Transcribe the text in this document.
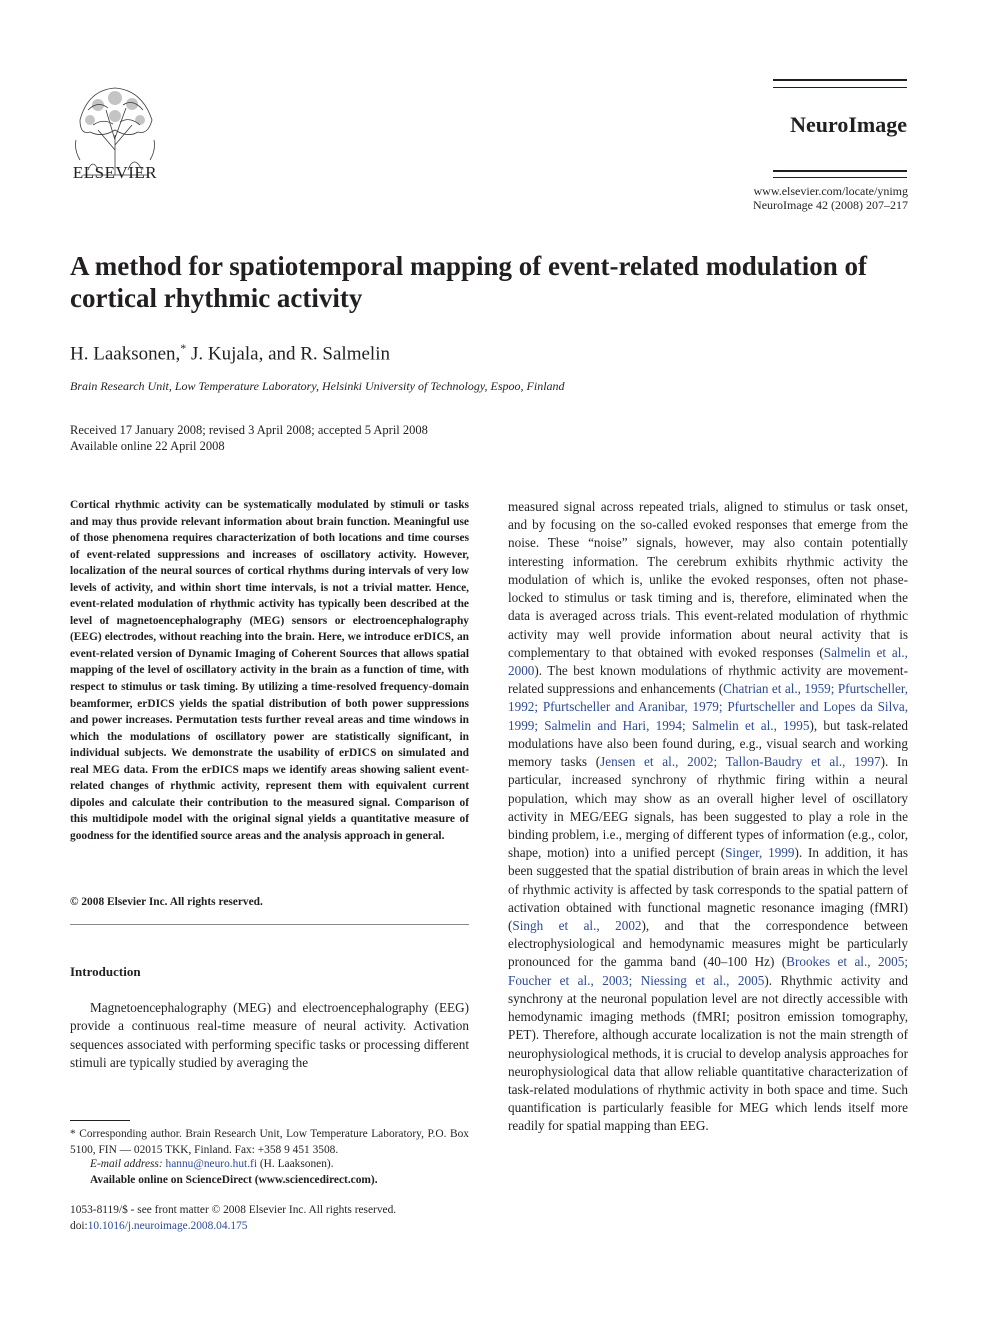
ELSEVIER
NeuroImage
www.elsevier.com/locate/ynimg
NeuroImage 42 (2008) 207–217
A method for spatiotemporal mapping of event-related modulation of cortical rhythmic activity
H. Laaksonen,* J. Kujala, and R. Salmelin
Brain Research Unit, Low Temperature Laboratory, Helsinki University of Technology, Espoo, Finland
Received 17 January 2008; revised 3 April 2008; accepted 5 April 2008
Available online 22 April 2008
Cortical rhythmic activity can be systematically modulated by stimuli or tasks and may thus provide relevant information about brain function. Meaningful use of those phenomena requires characterization of both locations and time courses of event-related suppressions and increases of oscillatory activity. However, localization of the neural sources of cortical rhythms during intervals of very low levels of activity, and within short time intervals, is not a trivial matter. Hence, event-related modulation of rhythmic activity has typically been described at the level of magnetoencephalography (MEG) sensors or electroencephalography (EEG) electrodes, without reaching into the brain. Here, we introduce erDICS, an event-related version of Dynamic Imaging of Coherent Sources that allows spatial mapping of the level of oscillatory activity in the brain as a function of time, with respect to stimulus or task timing. By utilizing a time-resolved frequency-domain beamformer, erDICS yields the spatial distribution of both power suppressions and power increases. Permutation tests further reveal areas and time windows in which the modulations of oscillatory power are statistically significant, in individual subjects. We demonstrate the usability of erDICS on simulated and real MEG data. From the erDICS maps we identify areas showing salient event-related changes of rhythmic activity, represent them with equivalent current dipoles and calculate their contribution to the measured signal. Comparison of this multidipole model with the original signal yields a quantitative measure of goodness for the identified source areas and the analysis approach in general.
© 2008 Elsevier Inc. All rights reserved.
Introduction
Magnetoencephalography (MEG) and electroencephalography (EEG) provide a continuous real-time measure of neural activity. Activation sequences associated with performing specific tasks or processing different stimuli are typically studied by averaging the
* Corresponding author. Brain Research Unit, Low Temperature Laboratory, P.O. Box 5100, FIN — 02015 TKK, Finland. Fax: +358 9 451 3508.
E-mail address: hannu@neuro.hut.fi (H. Laaksonen).
Available online on ScienceDirect (www.sciencedirect.com).
1053-8119/$ - see front matter © 2008 Elsevier Inc. All rights reserved.
doi:10.1016/j.neuroimage.2008.04.175
measured signal across repeated trials, aligned to stimulus or task onset, and by focusing on the so-called evoked responses that emerge from the noise. These “noise” signals, however, may also contain potentially interesting information. The cerebrum exhibits rhythmic activity the modulation of which is, unlike the evoked responses, often not phase-locked to stimulus or task timing and is, therefore, eliminated when the data is averaged across trials. This event-related modulation of rhythmic activity may well provide information about neural activity that is complementary to that obtained with evoked responses (Salmelin et al., 2000). The best known modulations of rhythmic activity are movement-related suppressions and enhancements (Chatrian et al., 1959; Pfurtscheller, 1992; Pfurtscheller and Aranibar, 1979; Pfurtscheller and Lopes da Silva, 1999; Salmelin and Hari, 1994; Salmelin et al., 1995), but task-related modulations have also been found during, e.g., visual search and working memory tasks (Jensen et al., 2002; Tallon-Baudry et al., 1997). In particular, increased synchrony of rhythmic firing within a neural population, which may show as an overall higher level of oscillatory activity in MEG/EEG signals, has been suggested to play a role in the binding problem, i.e., merging of different types of information (e.g., color, shape, motion) into a unified percept (Singer, 1999). In addition, it has been suggested that the spatial distribution of brain areas in which the level of rhythmic activity is affected by task corresponds to the spatial pattern of activation obtained with functional magnetic resonance imaging (fMRI) (Singh et al., 2002), and that the correspondence between electrophysiological and hemodynamic measures might be particularly pronounced for the gamma band (40–100 Hz) (Brookes et al., 2005; Foucher et al., 2003; Niessing et al., 2005). Rhythmic activity and synchrony at the neuronal population level are not directly accessible with hemodynamic imaging methods (fMRI; positron emission tomography, PET). Therefore, although accurate localization is not the main strength of neurophysiological methods, it is crucial to develop analysis approaches for neurophysiological data that allow reliable quantitative characterization of task-related modulations of rhythmic activity in both space and time. Such quantification is particularly feasible for MEG which lends itself more readily for spatial mapping than EEG.
